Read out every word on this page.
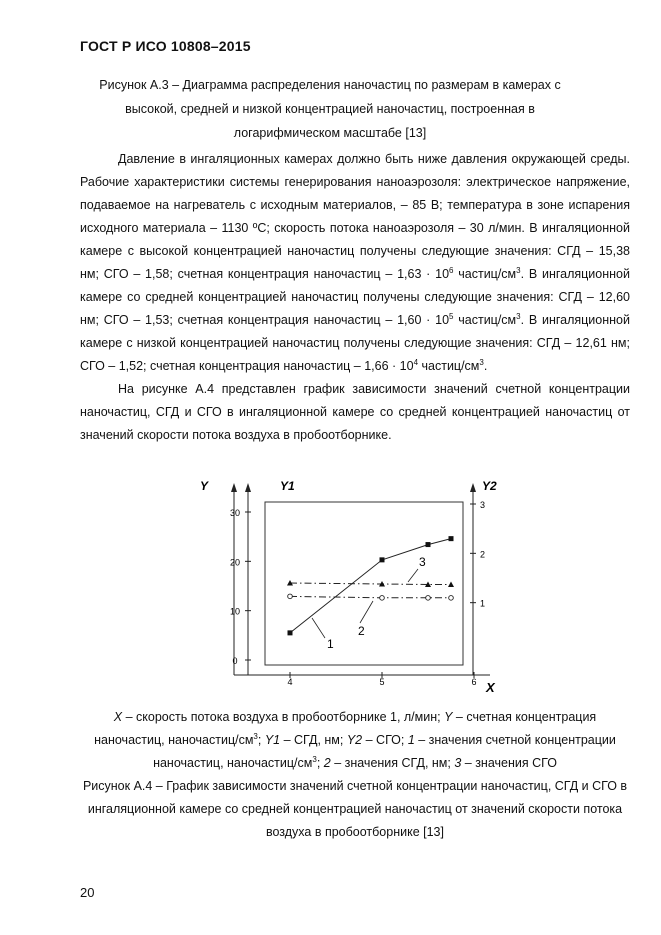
ГОСТ Р ИСО 10808–2015
Рисунок А.3 – Диаграмма распределения наночастиц по размерам в камерах с высокой, средней и низкой концентрацией наночастиц, построенная в логарифмическом масштабе [13]

Давление в ингаляционных камерах должно быть ниже давления окружающей среды. Рабочие характеристики системы генерирования наноаэрозоля: электрическое напряжение, подаваемое на нагреватель с исходным материалов, – 85 В; температура в зоне испарения исходного материала – 1130 ºС; скорость потока наноаэрозоля – 30 л/мин. В ингаляционной камере с высокой концентрацией наночастиц получены следующие значения: СГД – 15,38 нм; СГО – 1,58; счетная концентрация наночастиц – $1,63 \cdot 10^6$ частиц/$см^3$. В ингаляционной камере со средней концентрацией наночастиц получены следующие значения: СГД – 12,60 нм; СГО – 1,53; счетная концентрация наночастиц – $1,60 \cdot 10^5$ частиц/$см^3$. В ингаляционной камере с низкой концентрацией наночастиц получены следующие значения: СГД – 12,61 нм; СГО – 1,52; счетная концентрация наночастиц – $1,66 \cdot 10^4$ частиц/$см^3$.

На рисунке А.4 представлен график зависимости значений счетной концентрации наночастиц, СГД и СГО в ингаляционной камере со средней концентрацией наночастиц от значений скорости потока воздуха в пробоотборнике.

Y	Y1	Y2
X
0
10
20
30
1
2
3
4	5	6
1
2
3
X – скорость потока воздуха в пробоотборнике 1, л/мин; Y – счетная концентрация наночастиц, наночастиц/$см^3$; Y1 – СГД, нм; Y2 – СГО; 1 – значения счетной концентрации наночастиц, наночастиц/$см^3$; 2 – значения СГД, нм; 3 – значения СГО
Рисунок А.4 – График зависимости значений счетной концентрации наночастиц, СГД и СГО в ингаляционной камере со средней концентрацией наночастиц от значений скорости потока воздуха в пробоотборнике [13]
20
